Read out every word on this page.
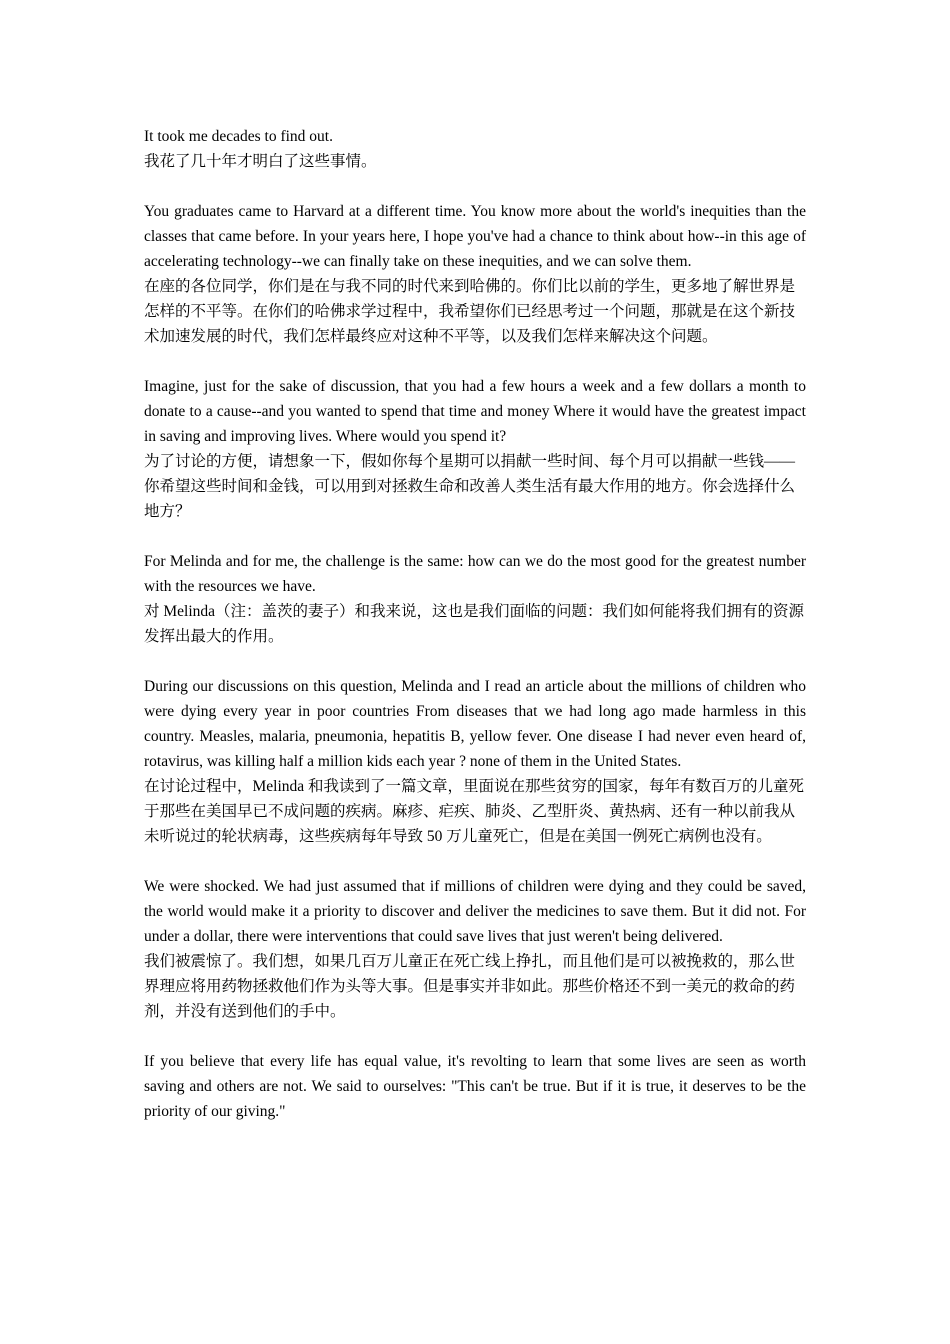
It took me decades to find out.

我花了几十年才明白了这些事情。

You graduates came to Harvard at a different time. You know more about the world's inequities than the classes that came before. In your years here, I hope you've had a chance to think about how--in this age of accelerating technology--we can finally take on these inequities, and we can solve them.

在座的各位同学，你们是在与我不同的时代来到哈佛的。你们比以前的学生，更多地了解世界是怎样的不平等。在你们的哈佛求学过程中，我希望你们已经思考过一个问题，那就是在这个新技术加速发展的时代，我们怎样最终应对这种不平等，以及我们怎样来解决这个问题。

Imagine, just for the sake of discussion, that you had a few hours a week and a few dollars a month to donate to a cause--and you wanted to spend that time and money Where it would have the greatest impact in saving and improving lives. Where would you spend it?

为了讨论的方便，请想象一下，假如你每个星期可以捐献一些时间、每个月可以捐献一些钱——你希望这些时间和金钱，可以用到对拯救生命和改善人类生活有最大作用的地方。你会选择什么地方？

For Melinda and for me, the challenge is the same: how can we do the most good for the greatest number with the resources we have.

对 Melinda（注：盖茨的妻子）和我来说，这也是我们面临的问题：我们如何能将我们拥有的资源发挥出最大的作用。

During our discussions on this question, Melinda and I read an article about the millions of children who were dying every year in poor countries From diseases that we had long ago made harmless in this country. Measles, malaria, pneumonia, hepatitis B, yellow fever. One disease I had never even heard of, rotavirus, was killing half a million kids each year ? none of them in the United States.

在讨论过程中，Melinda 和我读到了一篇文章，里面说在那些贫穷的国家，每年有数百万的儿童死于那些在美国早已不成问题的疾病。麻疹、疟疾、肺炎、乙型肝炎、黄热病、还有一种以前我从未听说过的轮状病毒，这些疾病每年导致 50 万儿童死亡，但是在美国一例死亡病例也没有。

We were shocked. We had just assumed that if millions of children were dying and they could be saved, the world would make it a priority to discover and deliver the medicines to save them. But it did not. For under a dollar, there were interventions that could save lives that just weren't being delivered.

我们被震惊了。我们想，如果几百万儿童正在死亡线上挣扎，而且他们是可以被挽救的，那么世界理应将用药物拯救他们作为头等大事。但是事实并非如此。那些价格还不到一美元的救命的药剂，并没有送到他们的手中。

If you believe that every life has equal value, it's revolting to learn that some lives are seen as worth saving and others are not. We said to ourselves: "This can't be true. But if it is true, it deserves to be the priority of our giving."
